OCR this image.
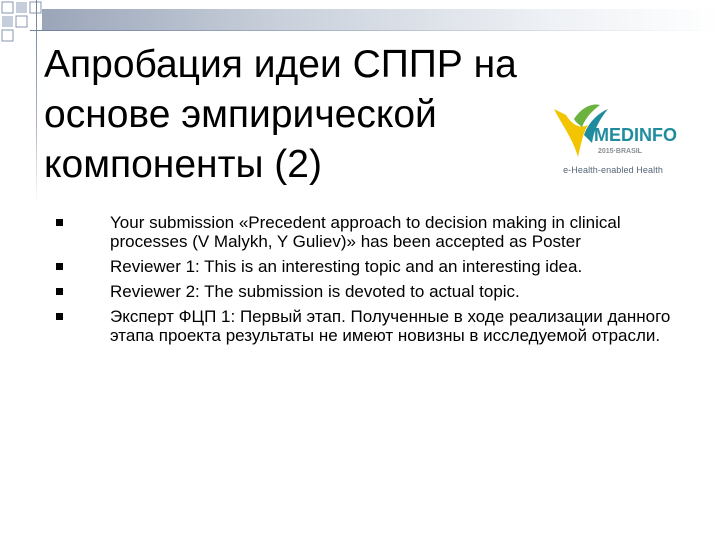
Апробация идеи СППР на
основе эмпирической
компоненты (2)
MEDINFO
2015·BRASIL
e-Health-enabled Health
Your submission «Precedent approach to decision making in clinical processes (V Malykh, Y Guliev)» has been accepted as Poster
Reviewer 1: This is an interesting topic and an interesting idea.
Reviewer 2: The submission is devoted to actual topic.
Эксперт ФЦП 1: Первый этап. Полученные в ходе реализации данного этапа проекта результаты не имеют новизны в исследуемой отрасли.
